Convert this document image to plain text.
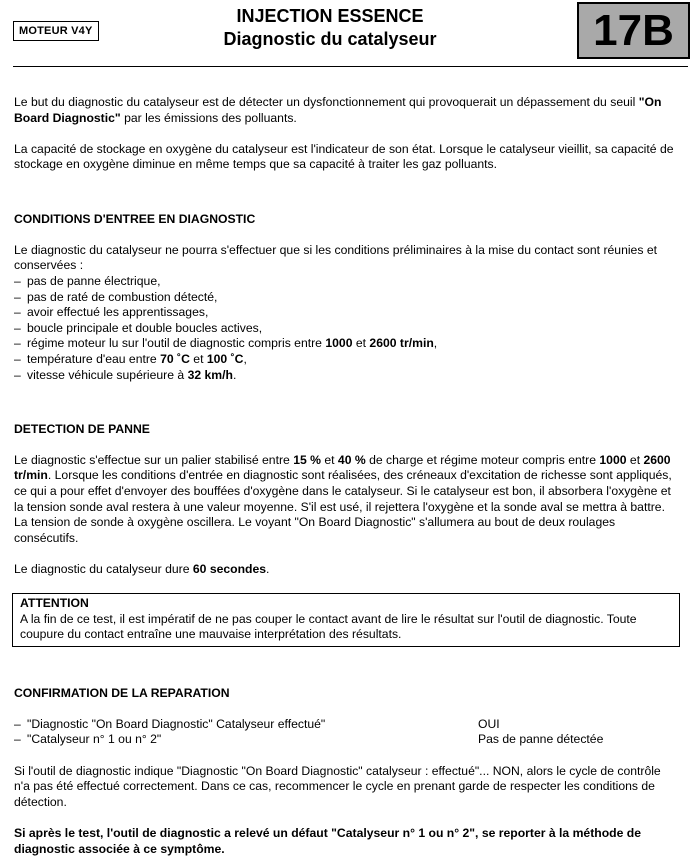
MOTEUR V4Y
INJECTION ESSENCE
Diagnostic du catalyseur	17B

Le but du diagnostic du catalyseur est de détecter un dysfonctionnement qui provoquerait un dépassement du seuil "On Board Diagnostic" par les émissions des polluants.

La capacité de stockage en oxygène du catalyseur est l'indicateur de son état. Lorsque le catalyseur vieillit, sa capacité de stockage en oxygène diminue en même temps que sa capacité à traiter les gaz polluants.

CONDITIONS D'ENTREE EN DIAGNOSTIC

Le diagnostic du catalyseur ne pourra s'effectuer que si les conditions préliminaires à la mise du contact sont réunies et conservées :

– pas de panne électrique,
– pas de raté de combustion détecté,
– avoir effectué les apprentissages,
– boucle principale et double boucles actives,
– régime moteur lu sur l'outil de diagnostic compris entre 1000 et 2600 tr/min,
– température d'eau entre 70 ˚C et 100 ˚C,
– vitesse véhicule supérieure à 32 km/h.

DETECTION DE PANNE

Le diagnostic s'effectue sur un palier stabilisé entre 15 % et 40 % de charge et régime moteur compris entre 1000 et 2600 tr/min. Lorsque les conditions d'entrée en diagnostic sont réalisées, des créneaux d'excitation de richesse sont appliqués, ce qui a pour effet d'envoyer des bouffées d'oxygène dans le catalyseur. Si le catalyseur est bon, il absorbera l'oxygène et la tension sonde aval restera à une valeur moyenne. S'il est usé, il rejettera l'oxygène et la sonde aval se mettra à battre. La tension de sonde à oxygène oscillera. Le voyant "On Board Diagnostic" s'allumera au bout de deux roulages consécutifs.

Le diagnostic du catalyseur dure 60 secondes.

ATTENTION

A la fin de ce test, il est impératif de ne pas couper le contact avant de lire le résultat sur l'outil de diagnostic. Toute coupure du contact entraîne une mauvaise interprétation des résultats.

CONFIRMATION DE LA REPARATION

– "Diagnostic "On Board Diagnostic" Catalyseur effectué"	OUI
– "Catalyseur n° 1 ou n° 2"	Pas de panne détectée

Si l'outil de diagnostic indique "Diagnostic "On Board Diagnostic" catalyseur : effectué"... NON, alors le cycle de contrôle n'a pas été effectué correctement. Dans ce cas, recommencer le cycle en prenant garde de respecter les conditions de détection.

Si après le test, l'outil de diagnostic a relevé un défaut "Catalyseur n° 1 ou n° 2", se reporter à la méthode de diagnostic associée à ce symptôme.
